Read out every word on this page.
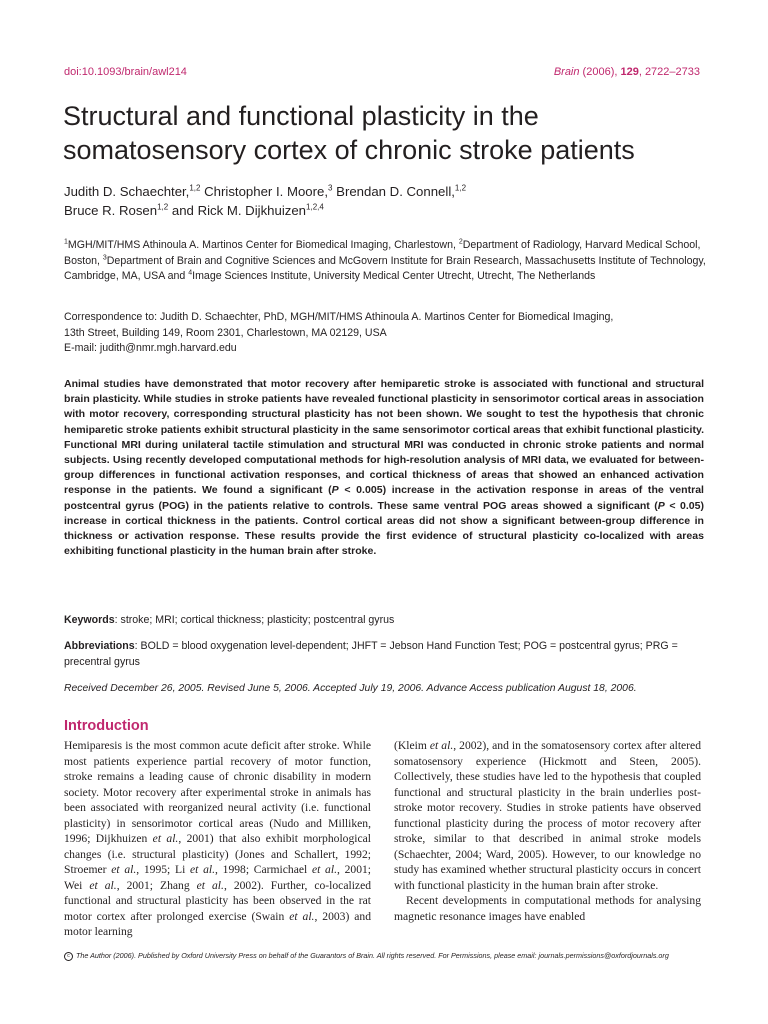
doi:10.1093/brain/awl214	Brain (2006), 129, 2722–2733
Structural and functional plasticity in the somatosensory cortex of chronic stroke patients
Judith D. Schaechter,$^{1,2}$ Christopher I. Moore,$^3$ Brendan D. Connell,$^{1,2}$
Bruce R. Rosen$^{1,2}$ and Rick M. Dijkhuizen$^{1,2,4}$
$^1$MGH/MIT/HMS Athinoula A. Martinos Center for Biomedical Imaging, Charlestown, $^2$Department of Radiology, Harvard Medical School, Boston, $^3$Department of Brain and Cognitive Sciences and McGovern Institute for Brain Research, Massachusetts Institute of Technology, Cambridge, MA, USA and $^4$Image Sciences Institute, University Medical Center Utrecht, Utrecht, The Netherlands
Correspondence to: Judith D. Schaechter, PhD, MGH/MIT/HMS Athinoula A. Martinos Center for Biomedical Imaging,
13th Street, Building 149, Room 2301, Charlestown, MA 02129, USA
E-mail: judith@nmr.mgh.harvard.edu
Animal studies have demonstrated that motor recovery after hemiparetic stroke is associated with functional and structural brain plasticity. While studies in stroke patients have revealed functional plasticity in sensorimotor cortical areas in association with motor recovery, corresponding structural plasticity has not been shown. We sought to test the hypothesis that chronic hemiparetic stroke patients exhibit structural plasticity in the same sensorimotor cortical areas that exhibit functional plasticity. Functional MRI during unilateral tactile stimulation and structural MRI was conducted in chronic stroke patients and normal subjects. Using recently developed computational methods for high-resolution analysis of MRI data, we evaluated for between-group differences in functional activation responses, and cortical thickness of areas that showed an enhanced activation response in the patients. We found a significant (P < 0.005) increase in the activation response in areas of the ventral postcentral gyrus (POG) in the patients relative to controls. These same ventral POG areas showed a significant (P < 0.05) increase in cortical thickness in the patients. Control cortical areas did not show a significant between-group difference in thickness or activation response. These results provide the first evidence of structural plasticity co-localized with areas exhibiting functional plasticity in the human brain after stroke.
Keywords: stroke; MRI; cortical thickness; plasticity; postcentral gyrus
Abbreviations: BOLD = blood oxygenation level-dependent; JHFT = Jebson Hand Function Test; POG = postcentral gyrus; PRG = precentral gyrus
Received December 26, 2005. Revised June 5, 2006. Accepted July 19, 2006. Advance Access publication August 18, 2006.
Introduction

Hemiparesis is the most common acute deficit after stroke. While most patients experience partial recovery of motor function, stroke remains a leading cause of chronic disability in modern society. Motor recovery after experimental stroke in animals has been associated with reorganized neural activity (i.e. functional plasticity) in sensorimotor cortical areas (Nudo and Milliken, 1996; Dijkhuizen et al., 2001) that also exhibit morphological changes (i.e. structural plasticity) (Jones and Schallert, 1992; Stroemer et al., 1995; Li et al., 1998; Carmichael et al., 2001; Wei et al., 2001; Zhang et al., 2002). Further, co-localized functional and structural plasticity has been observed in the rat motor cortex after prolonged exercise (Swain et al., 2003) and motor learning

(Kleim et al., 2002), and in the somatosensory cortex after altered somatosensory experience (Hickmott and Steen, 2005). Collectively, these studies have led to the hypothesis that coupled functional and structural plasticity in the brain underlies post-stroke motor recovery. Studies in stroke patients have observed functional plasticity during the process of motor recovery after stroke, similar to that described in animal stroke models (Schaechter, 2004; Ward, 2005). However, to our knowledge no study has examined whether structural plasticity occurs in concert with functional plasticity in the human brain after stroke.

Recent developments in computational methods for analysing magnetic resonance images have enabled

c The Author (2006). Published by Oxford University Press on behalf of the Guarantors of Brain. All rights reserved. For Permissions, please email: journals.permissions@oxfordjournals.org
